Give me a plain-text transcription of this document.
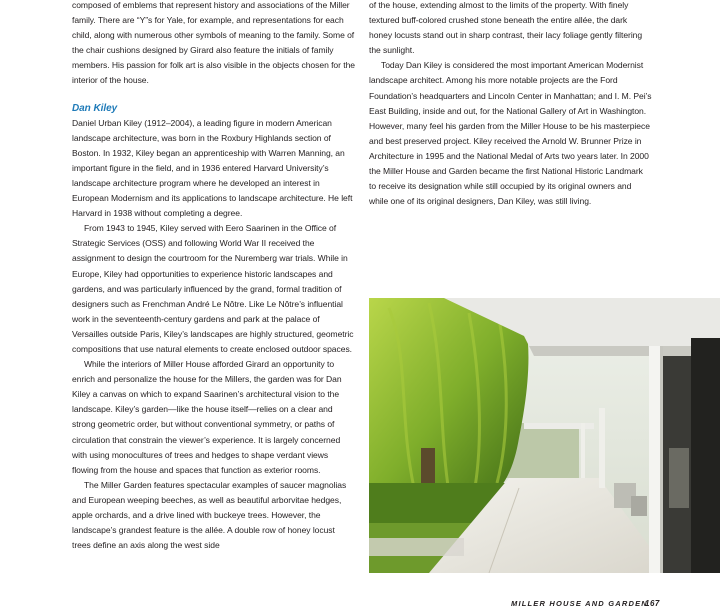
composed of emblems that represent history and associations of the Miller family. There are “Y”s for Yale, for example, and representations for each child, along with numerous other symbols of meaning to the family. Some of the chair cushions designed by Girard also feature the initials of family members. His passion for folk art is also visible in the objects chosen for the interior of the house.

Dan Kiley

Daniel Urban Kiley (1912–2004), a leading figure in modern American landscape architecture, was born in the Roxbury Highlands section of Boston. In 1932, Kiley began an apprenticeship with Warren Manning, an important figure in the field, and in 1936 entered Harvard University’s landscape architecture program where he developed an interest in European Modernism and its applications to landscape architecture. He left Harvard in 1938 without completing a degree.

From 1943 to 1945, Kiley served with Eero Saarinen in the Office of Strategic Services (OSS) and following World War II received the assignment to design the courtroom for the Nuremberg war trials. While in Europe, Kiley had opportunities to experience historic landscapes and gardens, and was particularly influenced by the grand, formal tradition of designers such as Frenchman André Le Nôtre. Like Le Nôtre’s influential work in the seventeenth-century gardens and park at the palace of Versailles outside Paris, Kiley’s landscapes are highly structured, geometric compositions that use natural elements to create enclosed outdoor spaces.

While the interiors of Miller House afforded Girard an opportunity to enrich and personalize the house for the Millers, the garden was for Dan Kiley a canvas on which to expand Saarinen’s architectural vision to the landscape. Kiley’s garden—like the house itself—relies on a clear and strong geometric order, but without conventional symmetry, or paths of circulation that constrain the viewer’s experience. It is largely concerned with using monocultures of trees and hedges to shape verdant views flowing from the house and spaces that function as exterior rooms.

The Miller Garden features spectacular examples of saucer magnolias and European weeping beeches, as well as beautiful arborvitae hedges, apple orchards, and a drive lined with buckeye trees. However, the landscape’s grandest feature is the allée. A double row of honey locust trees define an axis along the west side

of the house, extending almost to the limits of the property. With finely textured buff-colored crushed stone beneath the entire allée, the dark honey locusts stand out in sharp contrast, their lacy foliage gently filtering the sunlight.

Today Dan Kiley is considered the most important American Modernist landscape architect. Among his more notable projects are the Ford Foundation’s headquarters and Lincoln Center in Manhattan; and I. M. Pei’s East Building, inside and out, for the National Gallery of Art in Washington. However, many feel his garden from the Miller House to be his masterpiece and best preserved project. Kiley received the Arnold W. Brunner Prize in Architecture in 1995 and the National Medal of Arts two years later. In 2000 the Miller House and Garden became the first National Historic Landmark to receive its designation while still occupied by its original owners and while one of its original designers, Dan Kiley, was still living.

MILLER HOUSE AND GARDEN
167
